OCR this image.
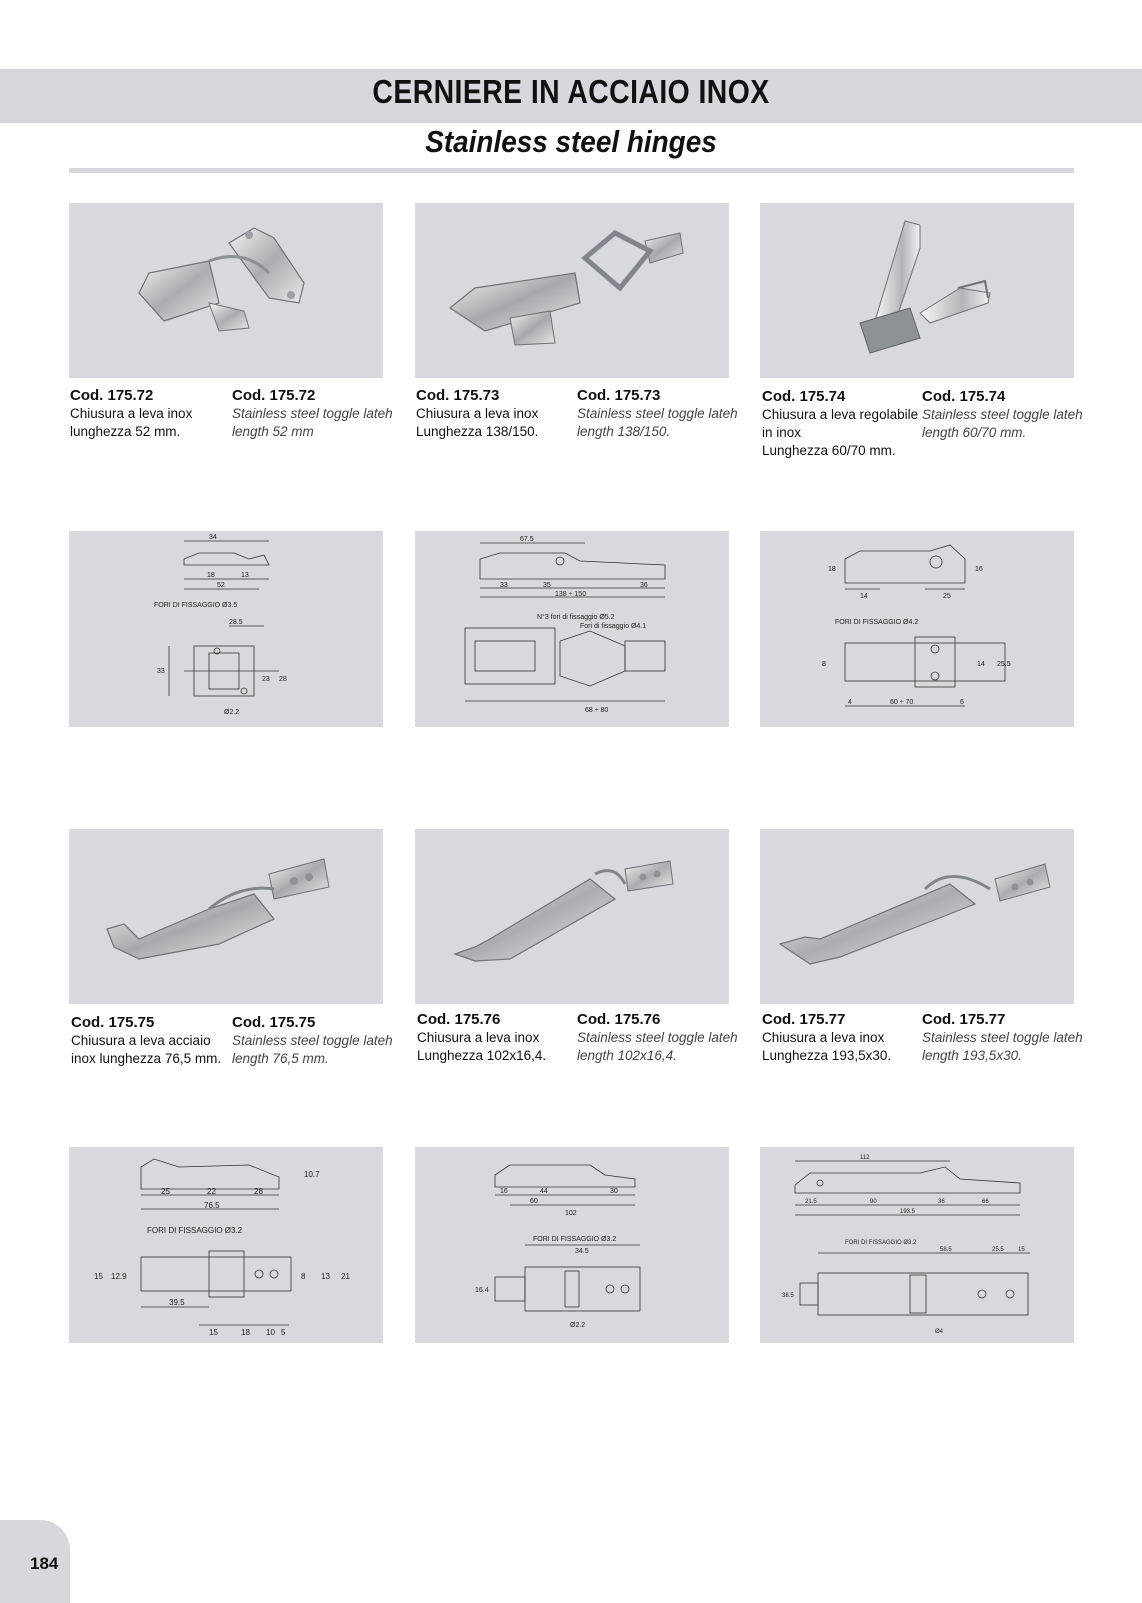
CERNIERE IN ACCIAIO INOX
Stainless steel hinges
Cod. 175.72
Chiusura a leva inox
lunghezza 52 mm.
Cod. 175.72
Stainless steel toggle lateh
length 52 mm
Cod. 175.73
Chiusura a leva inox
Lunghezza 138/150.
Cod. 175.73
Stainless steel toggle lateh
length 138/150.
Cod. 175.74
Chiusura a leva regolabile
in inox
Lunghezza 60/70 mm.
Cod. 175.74
Stainless steel toggle lateh
length 60/70 mm.
34
18	13
52
FORI DI FISSAGGIO Ø3.5
28.5
33
23 28
Ø2.2
67.5
33	35	36
138 ÷ 150
N°3 fori di fissaggio Ø5.2
Fori di fissaggio Ø4.1
68 ÷ 80
18
14	25
16
FORI DI FISSAGGIO Ø4.2
8	14 25.5
4	60 ÷ 70	6
Cod. 175.75
Chiusura a leva acciaio
inox lunghezza 76,5 mm.
Cod. 175.75
Stainless steel toggle lateh
length 76,5 mm.
Cod. 175.76
Chiusura a leva inox
Lunghezza 102x16,4.
Cod. 175.76
Stainless steel toggle lateh
length 102x16,4.
Cod. 175.77
Chiusura a leva inox
Lunghezza 193,5x30.
Cod. 175.77
Stainless steel toggle lateh
length 193,5x30.
25	22	28
76.5
10.7
FORI DI FISSAGGIO Ø3.2
15 12.9
39.5
15	18 10 5
8 13 21
16	44	30
60
102
FORI DI FISSAGGIO Ø3.2
34.5
16.4
Ø2.2
112
21.5	90	36	66
193.5
FORI DI FISSAGGIO Ø3.2
38.5
58.5	25.5 15
Ø4
184
